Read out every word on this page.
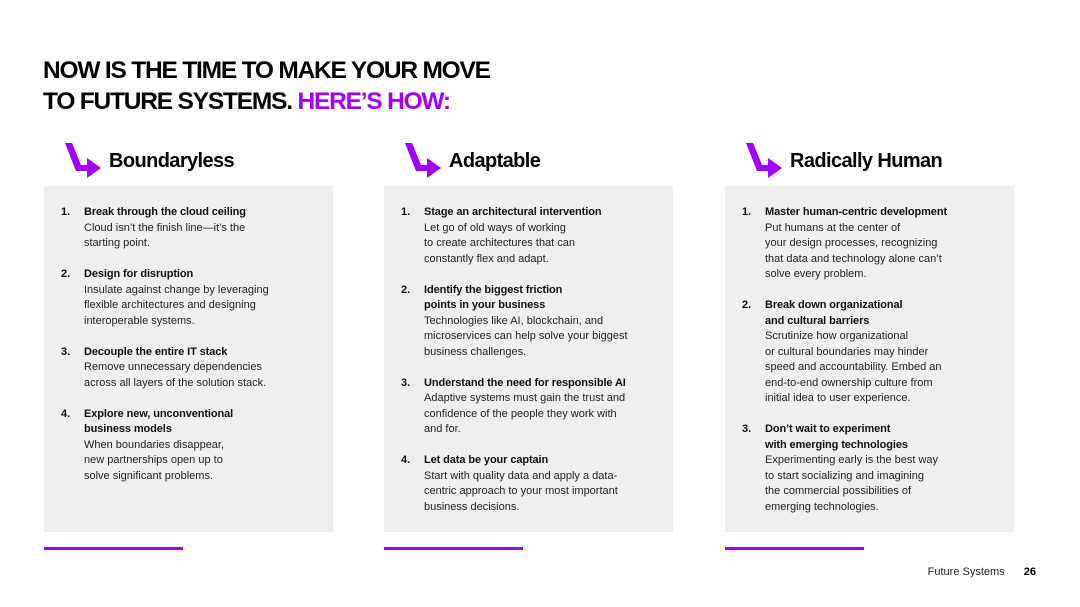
NOW IS THE TIME TO MAKE YOUR MOVE
TO FUTURE SYSTEMS. HERE’S HOW:
Boundaryless
1. Break through the cloud ceiling
Cloud isn’t the finish line—it’s the
starting point.
2. Design for disruption
Insulate against change by leveraging
flexible architectures and designing
interoperable systems.
3. Decouple the entire IT stack
Remove unnecessary dependencies
across all layers of the solution stack.
4. Explore new, unconventional
business models
When boundaries disappear,
new partnerships open up to
solve significant problems.
Adaptable
1. Stage an architectural intervention
Let go of old ways of working
to create architectures that can
constantly flex and adapt.
2. Identify the biggest friction
points in your business
Technologies like AI, blockchain, and
microservices can help solve your biggest
business challenges.
3. Understand the need for responsible AI
Adaptive systems must gain the trust and
confidence of the people they work with
and for.
4. Let data be your captain
Start with quality data and apply a data-
centric approach to your most important
business decisions.
Radically Human
1. Master human-centric development
Put humans at the center of
your design processes, recognizing
that data and technology alone can’t
solve every problem.
2. Break down organizational
and cultural barriers
Scrutinize how organizational
or cultural boundaries may hinder
speed and accountability. Embed an
end-to-end ownership culture from
initial idea to user experience.
3. Don’t wait to experiment
with emerging technologies
Experimenting early is the best way
to start socializing and imagining
the commercial possibilities of
emerging technologies.
Future Systems 26
